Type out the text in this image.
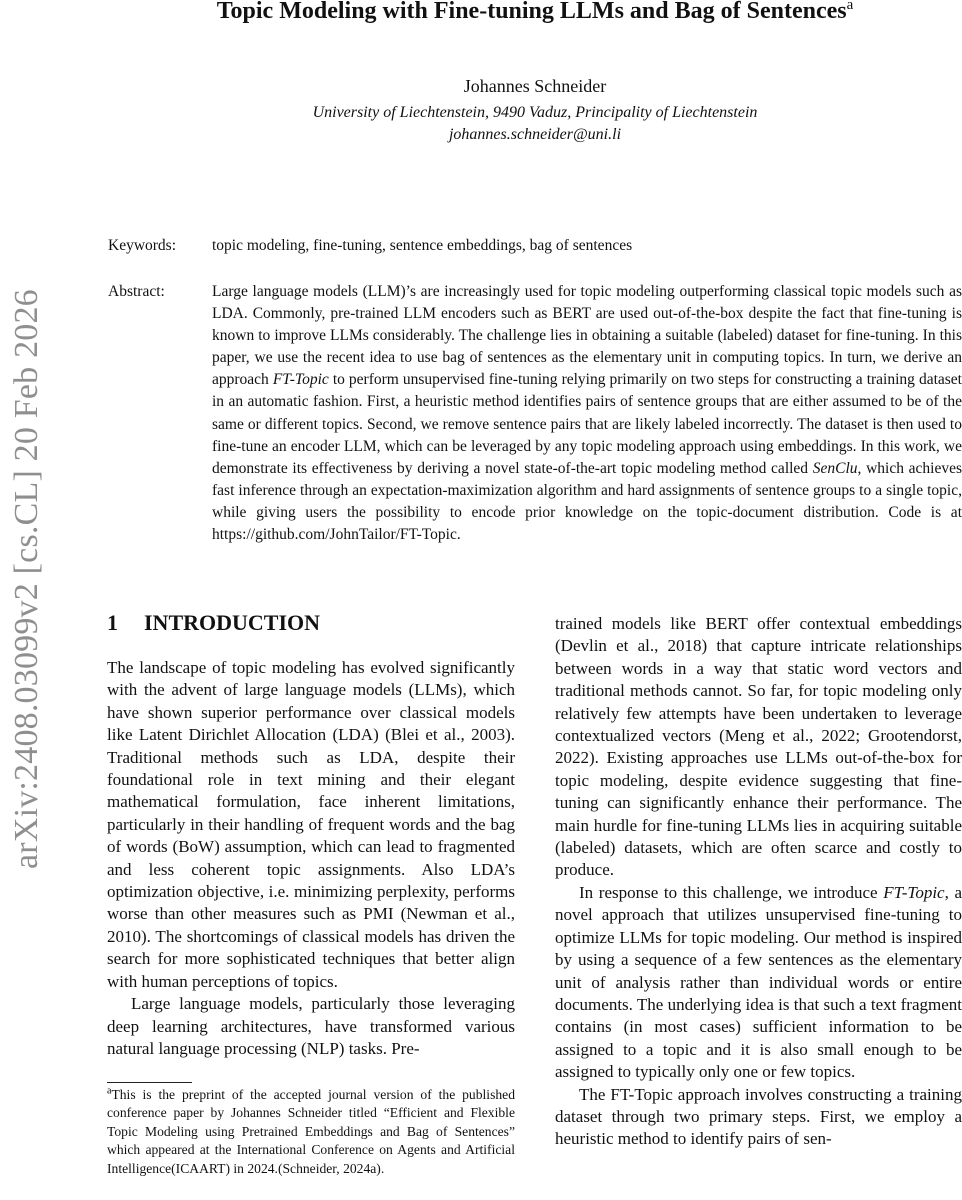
arXiv:2408.03099v2 [cs.CL] 20 Feb 2026
Topic Modeling with Fine-tuning LLMs and Bag of Sentences$^a$
Johannes Schneider
University of Liechtenstein, 9490 Vaduz, Principality of Liechtenstein
johannes.schneider@uni.li
Keywords: topic modeling, fine-tuning, sentence embeddings, bag of sentences
Abstract:	Large language models (LLM)’s are increasingly used for topic modeling outperforming classical topic models such as LDA. Commonly, pre-trained LLM encoders such as BERT are used out-of-the-box despite the fact that fine-tuning is known to improve LLMs considerably. The challenge lies in obtaining a suitable (labeled) dataset for fine-tuning. In this paper, we use the recent idea to use bag of sentences as the elementary unit in computing topics. In turn, we derive an approach FT-Topic to perform unsupervised fine-tuning relying primarily on two steps for constructing a training dataset in an automatic fashion. First, a heuristic method identifies pairs of sentence groups that are either assumed to be of the same or different topics. Second, we remove sentence pairs that are likely labeled incorrectly. The dataset is then used to fine-tune an encoder LLM, which can be leveraged by any topic modeling approach using embeddings. In this work, we demonstrate its effectiveness by deriving a novel state-of-the-art topic modeling method called SenClu, which achieves fast inference through an expectation-maximization algorithm and hard assignments of sentence groups to a single topic, while giving users the possibility to encode prior knowledge on the topic-document distribution. Code is at https://github.com/JohnTailor/FT-Topic.
1 INTRODUCTION

The landscape of topic modeling has evolved significantly with the advent of large language models (LLMs), which have shown superior performance over classical models like Latent Dirichlet Allocation (LDA) (Blei et al., 2003). Traditional methods such as LDA, despite their foundational role in text mining and their elegant mathematical formulation, face inherent limitations, particularly in their handling of frequent words and the bag of words (BoW) assumption, which can lead to fragmented and less coherent topic assignments. Also LDA’s optimization objective, i.e. minimizing perplexity, performs worse than other measures such as PMI (Newman et al., 2010). The shortcomings of classical models has driven the search for more sophisticated techniques that better align with human perceptions of topics.

Large language models, particularly those leveraging deep learning architectures, have transformed various natural language processing (NLP) tasks. Pre-

trained models like BERT offer contextual embeddings (Devlin et al., 2018) that capture intricate relationships between words in a way that static word vectors and traditional methods cannot. So far, for topic modeling only relatively few attempts have been undertaken to leverage contextualized vectors (Meng et al., 2022; Grootendorst, 2022). Existing approaches use LLMs out-of-the-box for topic modeling, despite evidence suggesting that fine-tuning can significantly enhance their performance. The main hurdle for fine-tuning LLMs lies in acquiring suitable (labeled) datasets, which are often scarce and costly to produce.

In response to this challenge, we introduce FT-Topic, a novel approach that utilizes unsupervised fine-tuning to optimize LLMs for topic modeling. Our method is inspired by using a sequence of a few sentences as the elementary unit of analysis rather than individual words or entire documents. The underlying idea is that such a text fragment contains (in most cases) sufficient information to be assigned to a topic and it is also small enough to be assigned to typically only one or few topics.

The FT-Topic approach involves constructing a training dataset through two primary steps. First, we employ a heuristic method to identify pairs of sen-

$^a$This is the preprint of the accepted journal version of the published conference paper by Johannes Schneider titled “Efficient and Flexible Topic Modeling using Pretrained Embeddings and Bag of Sentences” which appeared at the International Conference on Agents and Artificial Intelligence(ICAART) in 2024.(Schneider, 2024a).
